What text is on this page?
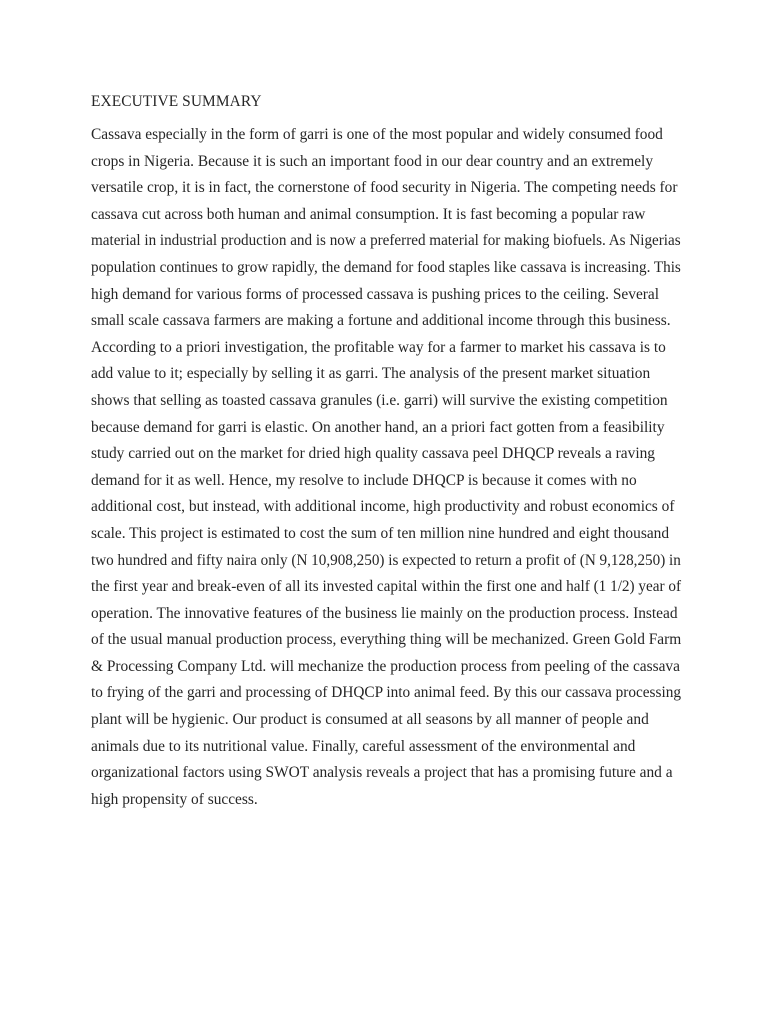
EXECUTIVE SUMMARY
Cassava especially in the form of garri is one of the most popular and widely consumed food
crops in Nigeria. Because it is such an important food in our dear country and an extremely
versatile crop, it is in fact, the cornerstone of food security in Nigeria. The competing needs for
cassava cut across both human and animal consumption. It is fast becoming a popular raw
material in industrial production and is now a preferred material for making biofuels. As Nigerias
population continues to grow rapidly, the demand for food staples like cassava is increasing. This
high demand for various forms of processed cassava is pushing prices to the ceiling. Several
small scale cassava farmers are making a fortune and additional income through this business.
According to a priori investigation, the profitable way for a farmer to market his cassava is to
add value to it; especially by selling it as garri. The analysis of the present market situation
shows that selling as toasted cassava granules (i.e. garri) will survive the existing competition
because demand for garri is elastic. On another hand, an a priori fact gotten from a feasibility
study carried out on the market for dried high quality cassava peel DHQCP reveals a raving
demand for it as well. Hence, my resolve to include DHQCP is because it comes with no
additional cost, but instead, with additional income, high productivity and robust economics of
scale. This project is estimated to cost the sum of ten million nine hundred and eight thousand
two hundred and fifty naira only (N 10,908,250) is expected to return a profit of (N 9,128,250) in
the first year and break-even of all its invested capital within the first one and half (1 1/2) year of
operation. The innovative features of the business lie mainly on the production process. Instead
of the usual manual production process, everything thing will be mechanized. Green Gold Farm
& Processing Company Ltd. will mechanize the production process from peeling of the cassava
to frying of the garri and processing of DHQCP into animal feed. By this our cassava processing
plant will be hygienic. Our product is consumed at all seasons by all manner of people and
animals due to its nutritional value. Finally, careful assessment of the environmental and
organizational factors using SWOT analysis reveals a project that has a promising future and a
high propensity of success.
